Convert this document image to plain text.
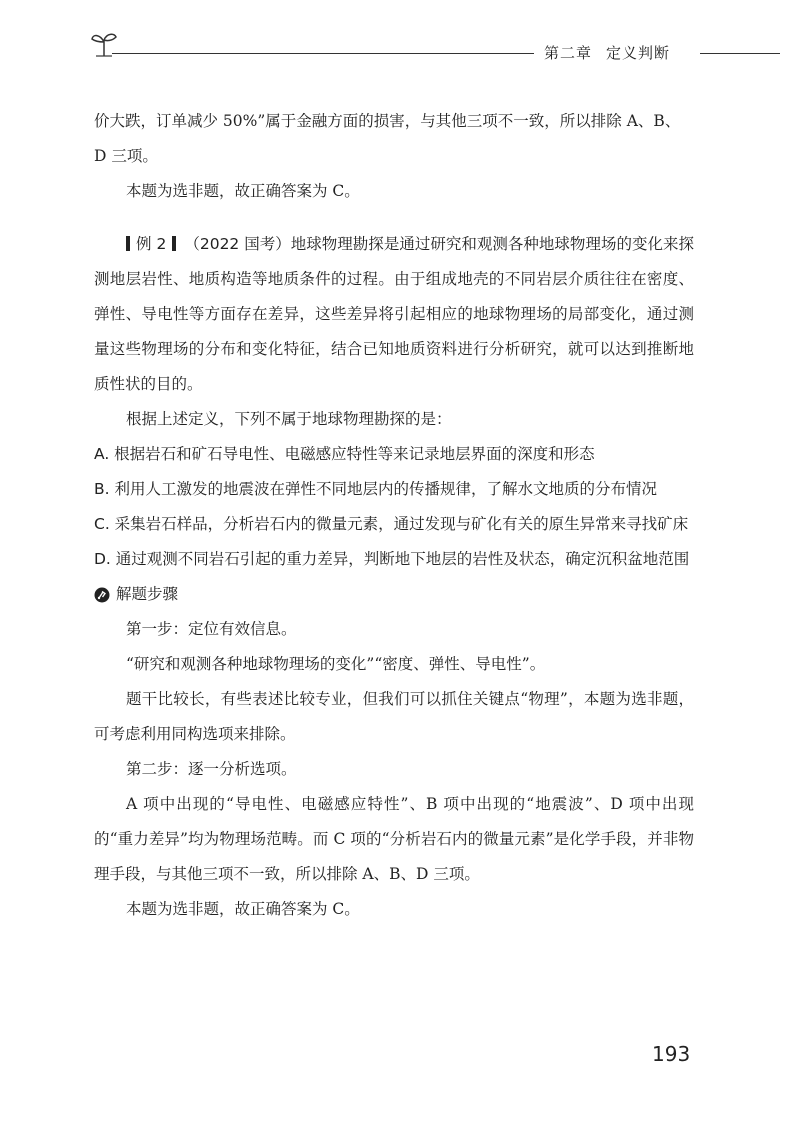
第二章 定义判断

价大跌，订单减少 50%”属于金融方面的损害，与其他三项不一致，所以排除 A、B、

D 三项。

本题为选非题，故正确答案为 C。

例 2 （2022 国考）地球物理勘探是通过研究和观测各种地球物理场的变化来探测地层岩性、地质构造等地质条件的过程。由于组成地壳的不同岩层介质往往在密度、弹性、导电性等方面存在差异，这些差异将引起相应的地球物理场的局部变化，通过测量这些物理场的分布和变化特征，结合已知地质资料进行分析研究，就可以达到推断地质性状的目的。

根据上述定义，下列不属于地球物理勘探的是：

A. 根据岩石和矿石导电性、电磁感应特性等来记录地层界面的深度和形态
B. 利用人工激发的地震波在弹性不同地层内的传播规律，了解水文地质的分布情况
C. 采集岩石样品，分析岩石内的微量元素，通过发现与矿化有关的原生异常来寻找矿床
D. 通过观测不同岩石引起的重力差异，判断地下地层的岩性及状态，确定沉积盆地范围
解题步骤

第一步：定位有效信息。

“研究和观测各种地球物理场的变化”“密度、弹性、导电性”。

题干比较长，有些表述比较专业，但我们可以抓住关键点“物理”，本题为选非题，可考虑利用同构选项来排除。

第二步：逐一分析选项。

A 项中出现的“导电性、电磁感应特性”、B 项中出现的“地震波”、D 项中出现的“重力差异”均为物理场范畴。而 C 项的“分析岩石内的微量元素”是化学手段，并非物理手段，与其他三项不一致，所以排除 A、B、D 三项。

本题为选非题，故正确答案为 C。

193
